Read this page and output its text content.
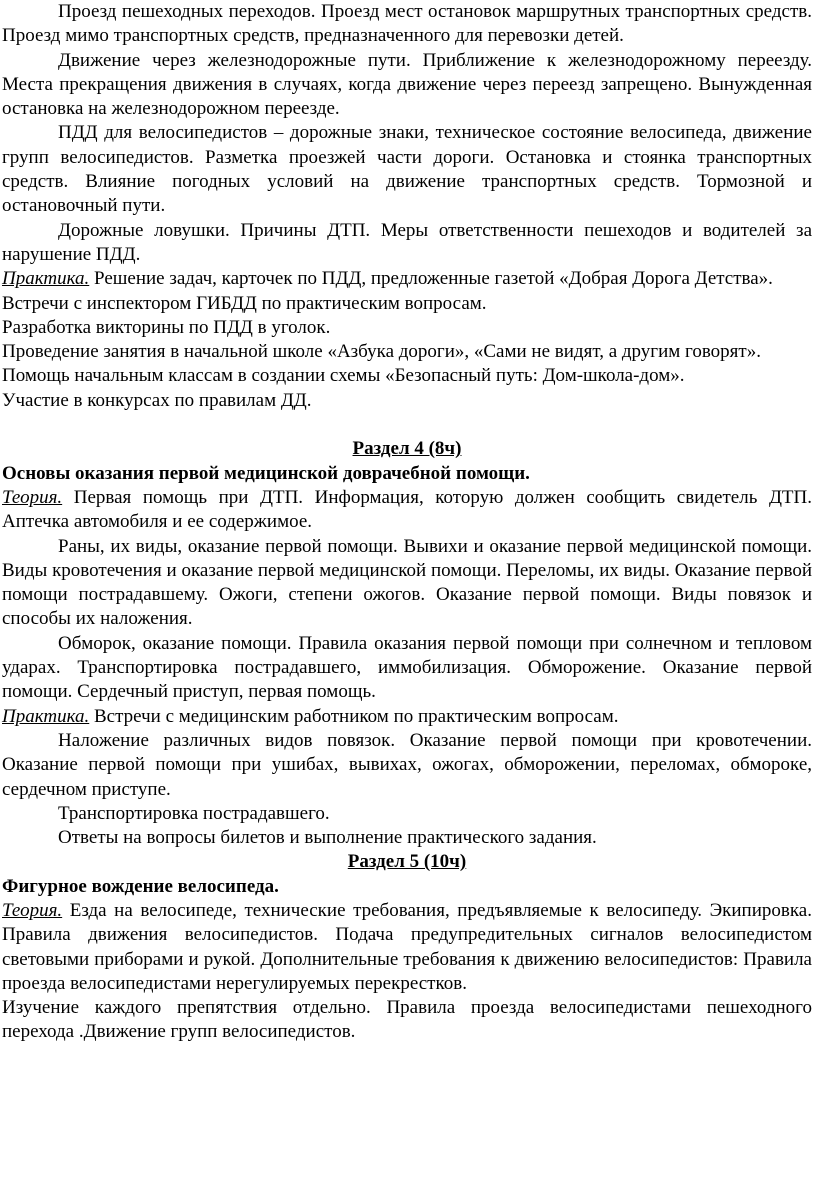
Проезд пешеходных переходов. Проезд мест остановок маршрутных транспортных средств. Проезд мимо транспортных средств, предназначенного для перевозки детей.

Движение через железнодорожные пути. Приближение к железнодорожному переезду. Места прекращения движения в случаях, когда движение через переезд запрещено. Вынужденная остановка на железнодорожном переезде.

ПДД для велосипедистов – дорожные знаки, техническое состояние велосипеда, движение групп велосипедистов. Разметка проезжей части дороги. Остановка и стоянка транспортных средств. Влияние погодных условий на движение транспортных средств. Тормозной и остановочный пути.

Дорожные ловушки. Причины ДТП. Меры ответственности пешеходов и водителей за нарушение ПДД.

Практика. Решение задач, карточек по ПДД, предложенные газетой «Добрая Дорога Детства».

Встречи с инспектором ГИБДД по практическим вопросам.

Разработка викторины по ПДД в уголок.

Проведение занятия в начальной школе «Азбука дороги», «Сами не видят, а другим говорят».

Помощь начальным классам в создании схемы «Безопасный путь: Дом-школа-дом».

Участие в конкурсах по правилам ДД.

Раздел 4 (8ч)

Основы оказания первой медицинской доврачебной помощи.

Теория. Первая помощь при ДТП. Информация, которую должен сообщить свидетель ДТП. Аптечка автомобиля и ее содержимое.

Раны, их виды, оказание первой помощи. Вывихи и оказание первой медицинской помощи. Виды кровотечения и оказание первой медицинской помощи. Переломы, их виды. Оказание первой помощи пострадавшему. Ожоги, степени ожогов. Оказание первой помощи. Виды повязок и способы их наложения.

Обморок, оказание помощи. Правила оказания первой помощи при солнечном и тепловом ударах. Транспортировка пострадавшего, иммобилизация. Обморожение. Оказание первой помощи. Сердечный приступ, первая помощь.

Практика. Встречи с медицинским работником по практическим вопросам.

Наложение различных видов повязок. Оказание первой помощи при кровотечении. Оказание первой помощи при ушибах, вывихах, ожогах, обморожении, переломах, обмороке, сердечном приступе.

Транспортировка пострадавшего.

Ответы на вопросы билетов и выполнение практического задания.

Раздел 5 (10ч)

Фигурное вождение велосипеда.

Теория. Езда на велосипеде, технические требования, предъявляемые к велосипеду. Экипировка. Правила движения велосипедистов. Подача предупредительных сигналов велосипедистом световыми приборами и рукой. Дополнительные требования к движению велосипедистов: Правила проезда велосипедистами нерегулируемых перекрестков.

Изучение каждого препятствия отдельно. Правила проезда велосипедистами пешеходного перехода .Движение групп велосипедистов.
